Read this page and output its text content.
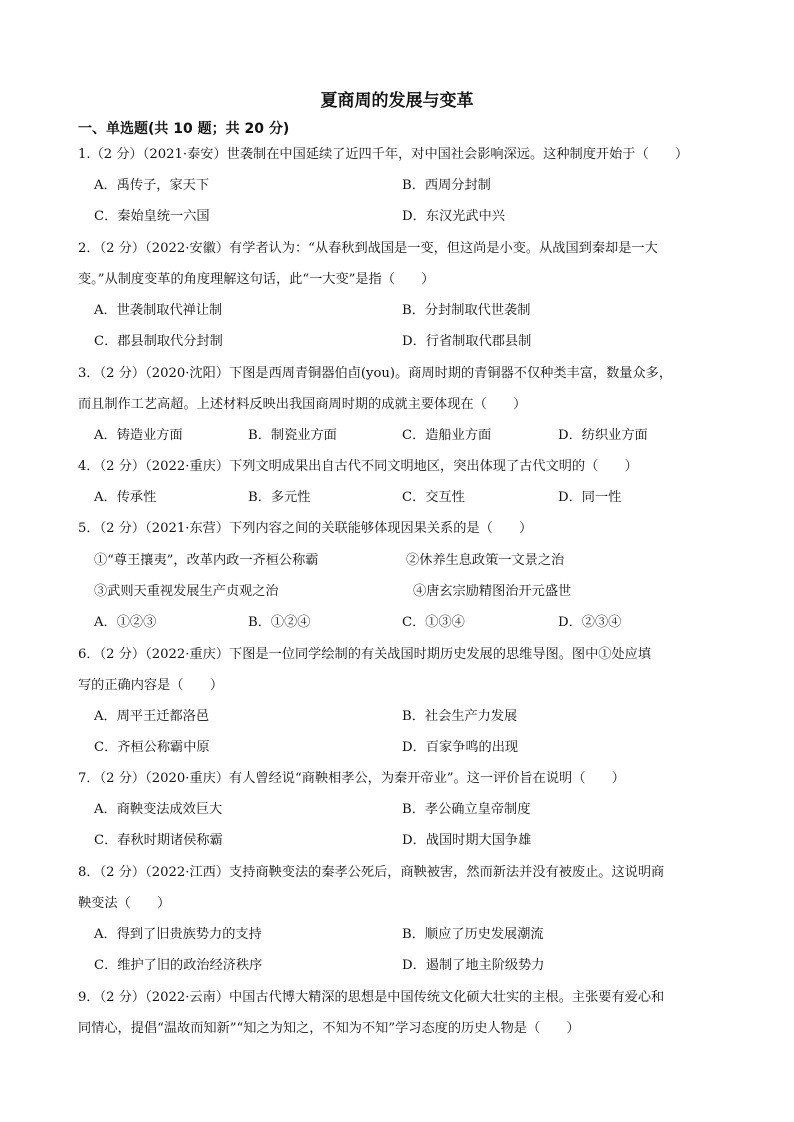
夏商周的发展与变革
一、单选题(共 10 题；共 20 分)
1.（2 分）（2021·泰安）世袭制在中国延续了近四千年，对中国社会影响深远。这种制度开始于（　　）
A．禹传子，家天下	B．西周分封制
C．秦始皇统一六国	D．东汉光武中兴
2．（2 分）（2022·安徽）有学者认为：“从春秋到战国是一变，但这尚是小变。从战国到秦却是一大
变。”从制度变革的角度理解这句话，此“一大变”是指（　　）
A．世袭制取代禅让制	B．分封制取代世袭制
C．郡县制取代分封制	D．行省制取代郡县制
3．（2 分）（2020·沈阳）下图是西周青铜器伯卣(you)。商周时期的青铜器不仅种类丰富，数量众多，
而且制作工艺高超。上述材料反映出我国商周时期的成就主要体现在（　　）
A．铸造业方面	B．制瓷业方面	C．造船业方面	D．纺织业方面
4．（2 分）（2022·重庆）下列文明成果出自古代不同文明地区，突出体现了古代文明的（　　）
A．传承性	B．多元性	C．交互性	D．同一性
5．（2 分）（2021·东营）下列内容之间的关联能够体现因果关系的是（　　）
①“尊王攘夷”，改革内政一齐桓公称霸	②休养生息政策一文景之治
③武则天重视发展生产贞观之治	④唐玄宗励精图治开元盛世
A．①②③	B．①②④	C．①③④	D．②③④
6．（2 分）（2022·重庆）下图是一位同学绘制的有关战国时期历史发展的思维导图。图中①处应填
写的正确内容是（　　）
A．周平王迁都洛邑	B．社会生产力发展
C．齐桓公称霸中原	D．百家争鸣的出现
7．（2 分）（2020·重庆）有人曾经说“商鞅相孝公，为秦开帝业”。这一评价旨在说明（　　）
A．商鞅变法成效巨大	B．孝公确立皇帝制度
C．春秋时期诸侯称霸	D．战国时期大国争雄
8．（2 分）（2022·江西）支持商鞅变法的秦孝公死后，商鞅被害，然而新法并没有被废止。这说明商
鞅变法（　　）
A．得到了旧贵族势力的支持	B．顺应了历史发展潮流
C．维护了旧的政治经济秩序	D．遏制了地主阶级势力
9．（2 分）（2022·云南）中国古代博大精深的思想是中国传统文化硕大壮实的主根。主张要有爱心和
同情心，提倡“温故而知新”“知之为知之，不知为不知”学习态度的历史人物是（　　）
